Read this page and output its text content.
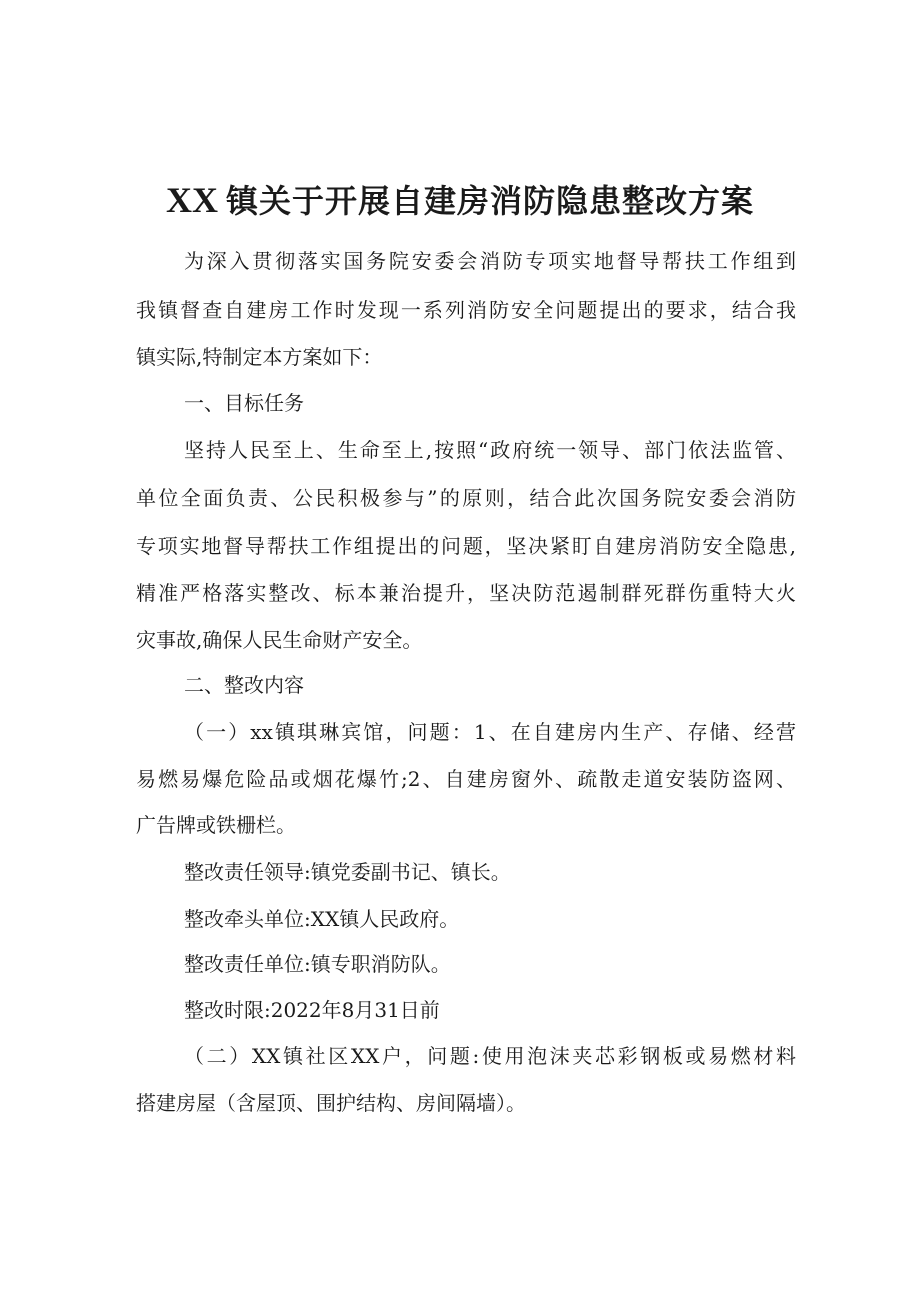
XX 镇关于开展自建房消防隐患整改方案

为深入贯彻落实国务院安委会消防专项实地督导帮扶工作组到

我镇督查自建房工作时发现一系列消防安全问题提出的要求，结合我

镇实际,特制定本方案如下：

一、目标任务

坚持人民至上、生命至上,按照“政府统一领导、部门依法监管、

单位全面负责、公民积极参与”的原则，结合此次国务院安委会消防

专项实地督导帮扶工作组提出的问题，坚决紧盯自建房消防安全隐患,

精准严格落实整改、标本兼治提升，坚决防范遏制群死群伤重特大火

灾事故,确保人民生命财产安全。

二、整改内容

（一）xx镇琪琳宾馆，问题：1、在自建房内生产、存储、经营

易燃易爆危险品或烟花爆竹;2、自建房窗外、疏散走道安装防盗网、

广告牌或铁栅栏。

整改责任领导:镇党委副书记、镇长。

整改牵头单位:XX镇人民政府。

整改责任单位:镇专职消防队。

整改时限:2022年8月31日前

（二）XX镇社区XX户，问题:使用泡沫夹芯彩钢板或易燃材料

搭建房屋（含屋顶、围护结构、房间隔墙）。
